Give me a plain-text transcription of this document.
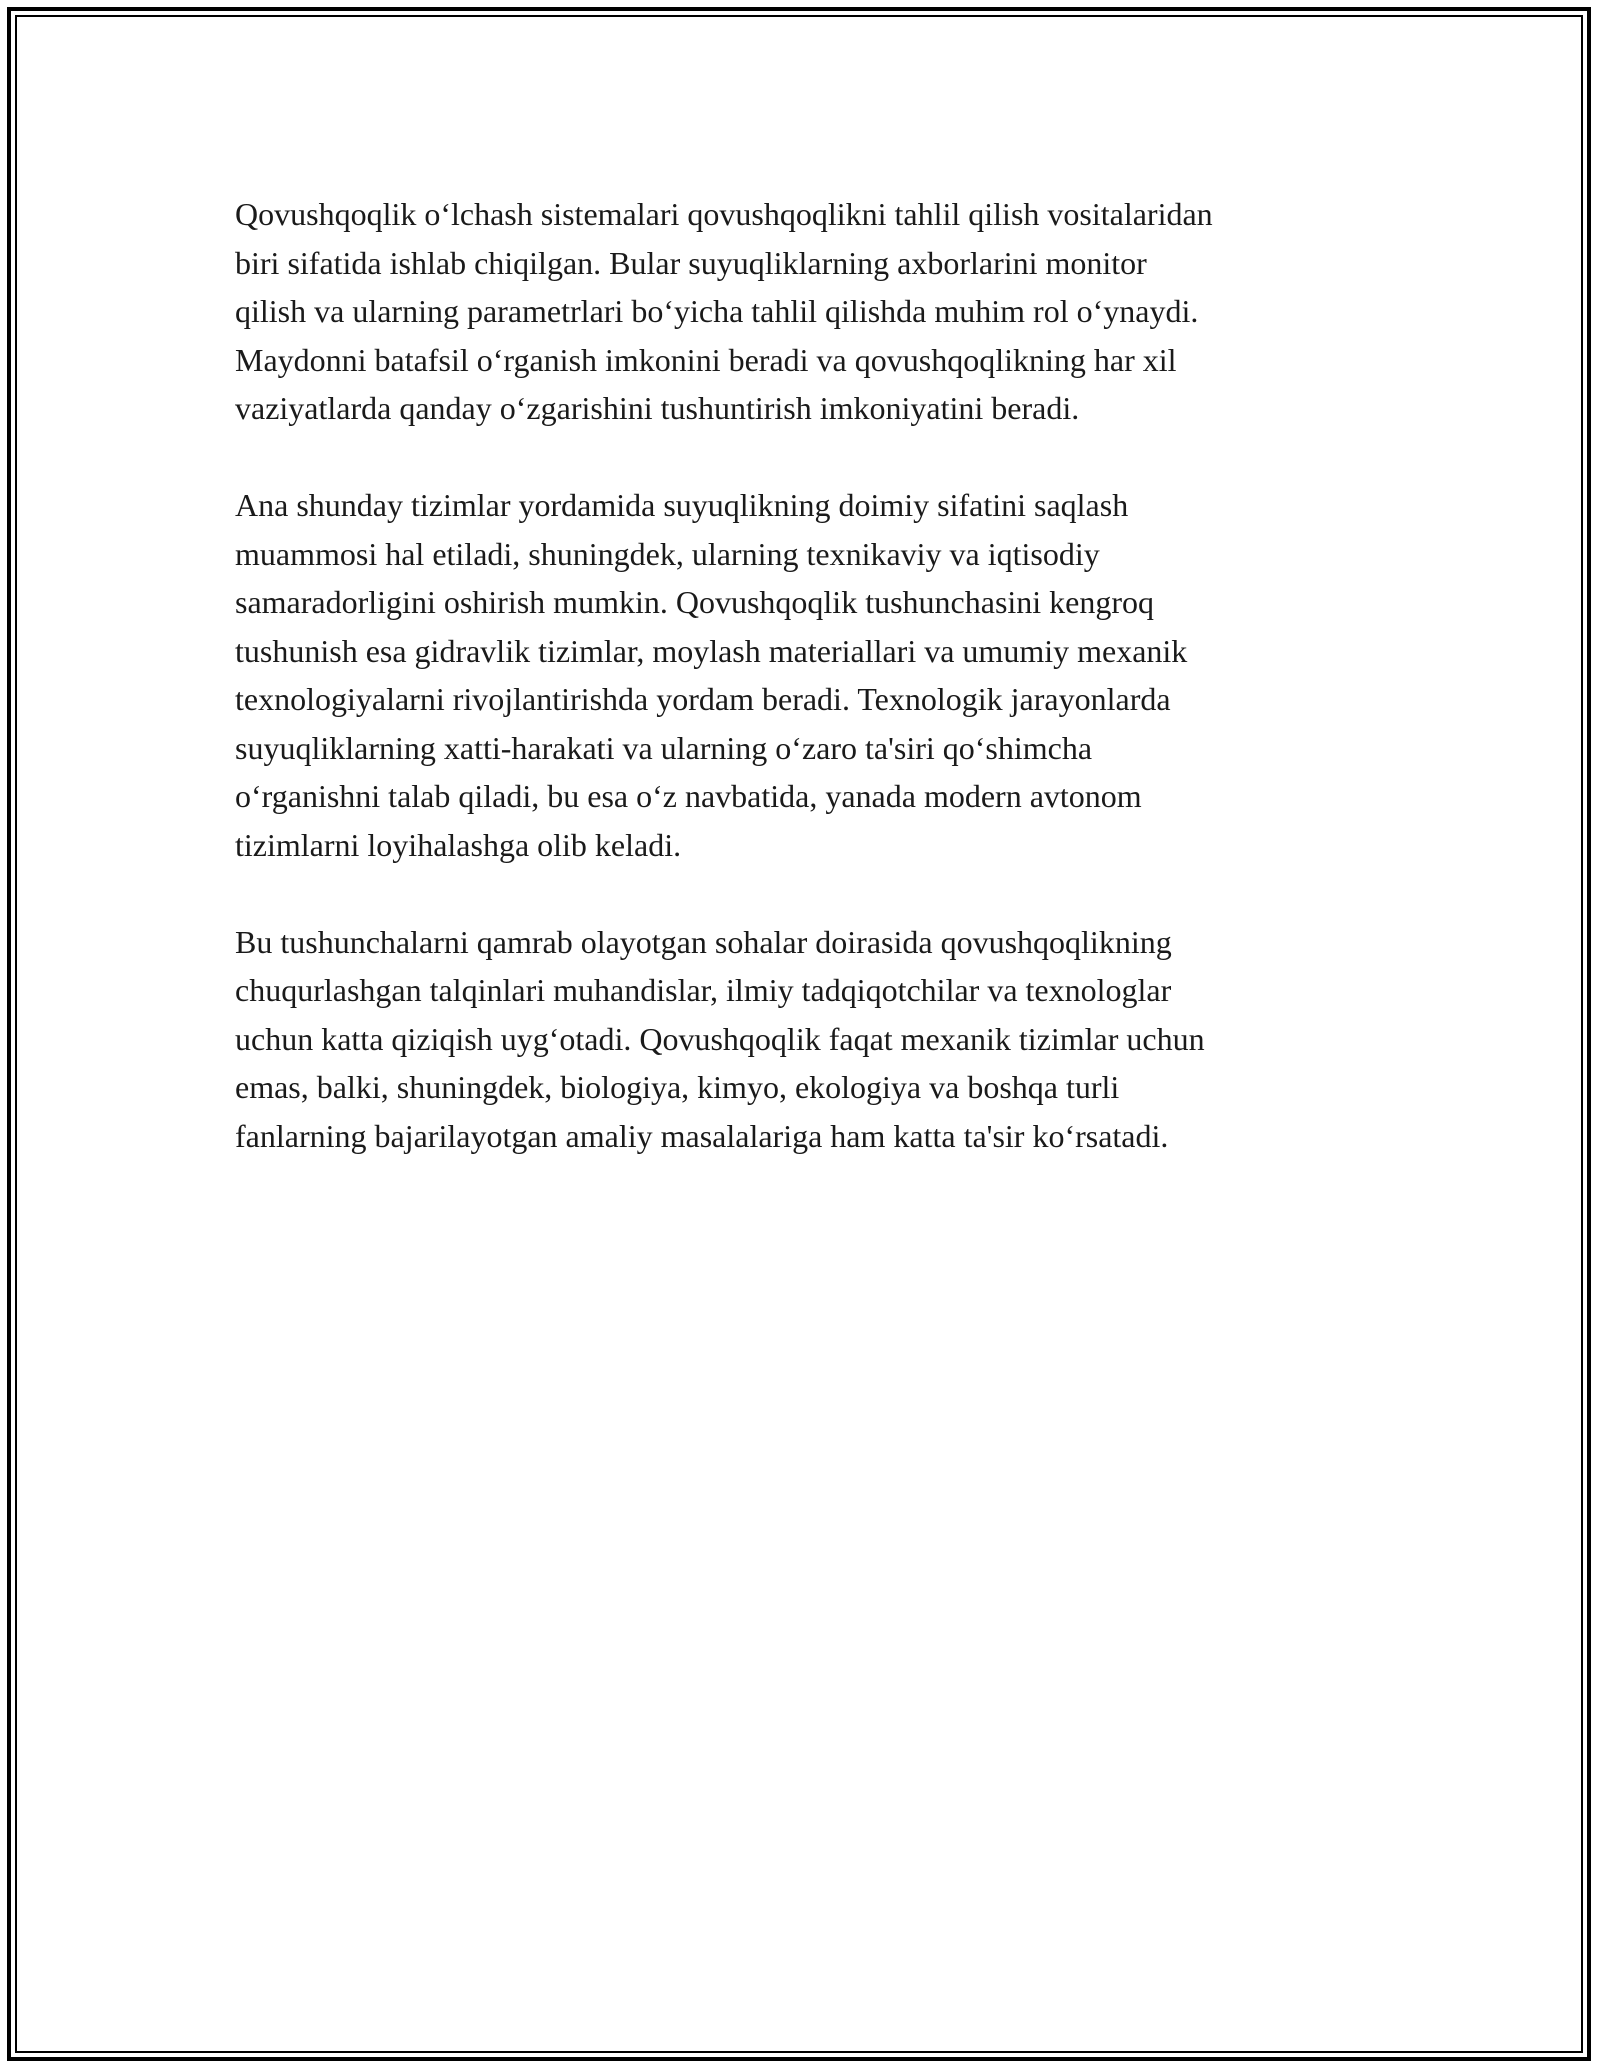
Qovushqoqlik o‘lchash sistemalari qovushqoqlikni tahlil qilish vositalaridan
biri sifatida ishlab chiqilgan. Bular suyuqliklarning axborlarini monitor
qilish va ularning parametrlari bo‘yicha tahlil qilishda muhim rol o‘ynaydi.
Maydonni batafsil o‘rganish imkonini beradi va qovushqoqlikning har xil
vaziyatlarda qanday o‘zgarishini tushuntirish imkoniyatini beradi.

Ana shunday tizimlar yordamida suyuqlikning doimiy sifatini saqlash
muammosi hal etiladi, shuningdek, ularning texnikaviy va iqtisodiy
samaradorligini oshirish mumkin. Qovushqoqlik tushunchasini kengroq
tushunish esa gidravlik tizimlar, moylash materiallari va umumiy mexanik
texnologiyalarni rivojlantirishda yordam beradi. Texnologik jarayonlarda
suyuqliklarning xatti-harakati va ularning o‘zaro ta'siri qo‘shimcha
o‘rganishni talab qiladi, bu esa o‘z navbatida, yanada modern avtonom
tizimlarni loyihalashga olib keladi.

Bu tushunchalarni qamrab olayotgan sohalar doirasida qovushqoqlikning
chuqurlashgan talqinlari muhandislar, ilmiy tadqiqotchilar va texnologlar
uchun katta qiziqish uyg‘otadi. Qovushqoqlik faqat mexanik tizimlar uchun
emas, balki, shuningdek, biologiya, kimyo, ekologiya va boshqa turli
fanlarning bajarilayotgan amaliy masalalariga ham katta ta'sir ko‘rsatadi.
